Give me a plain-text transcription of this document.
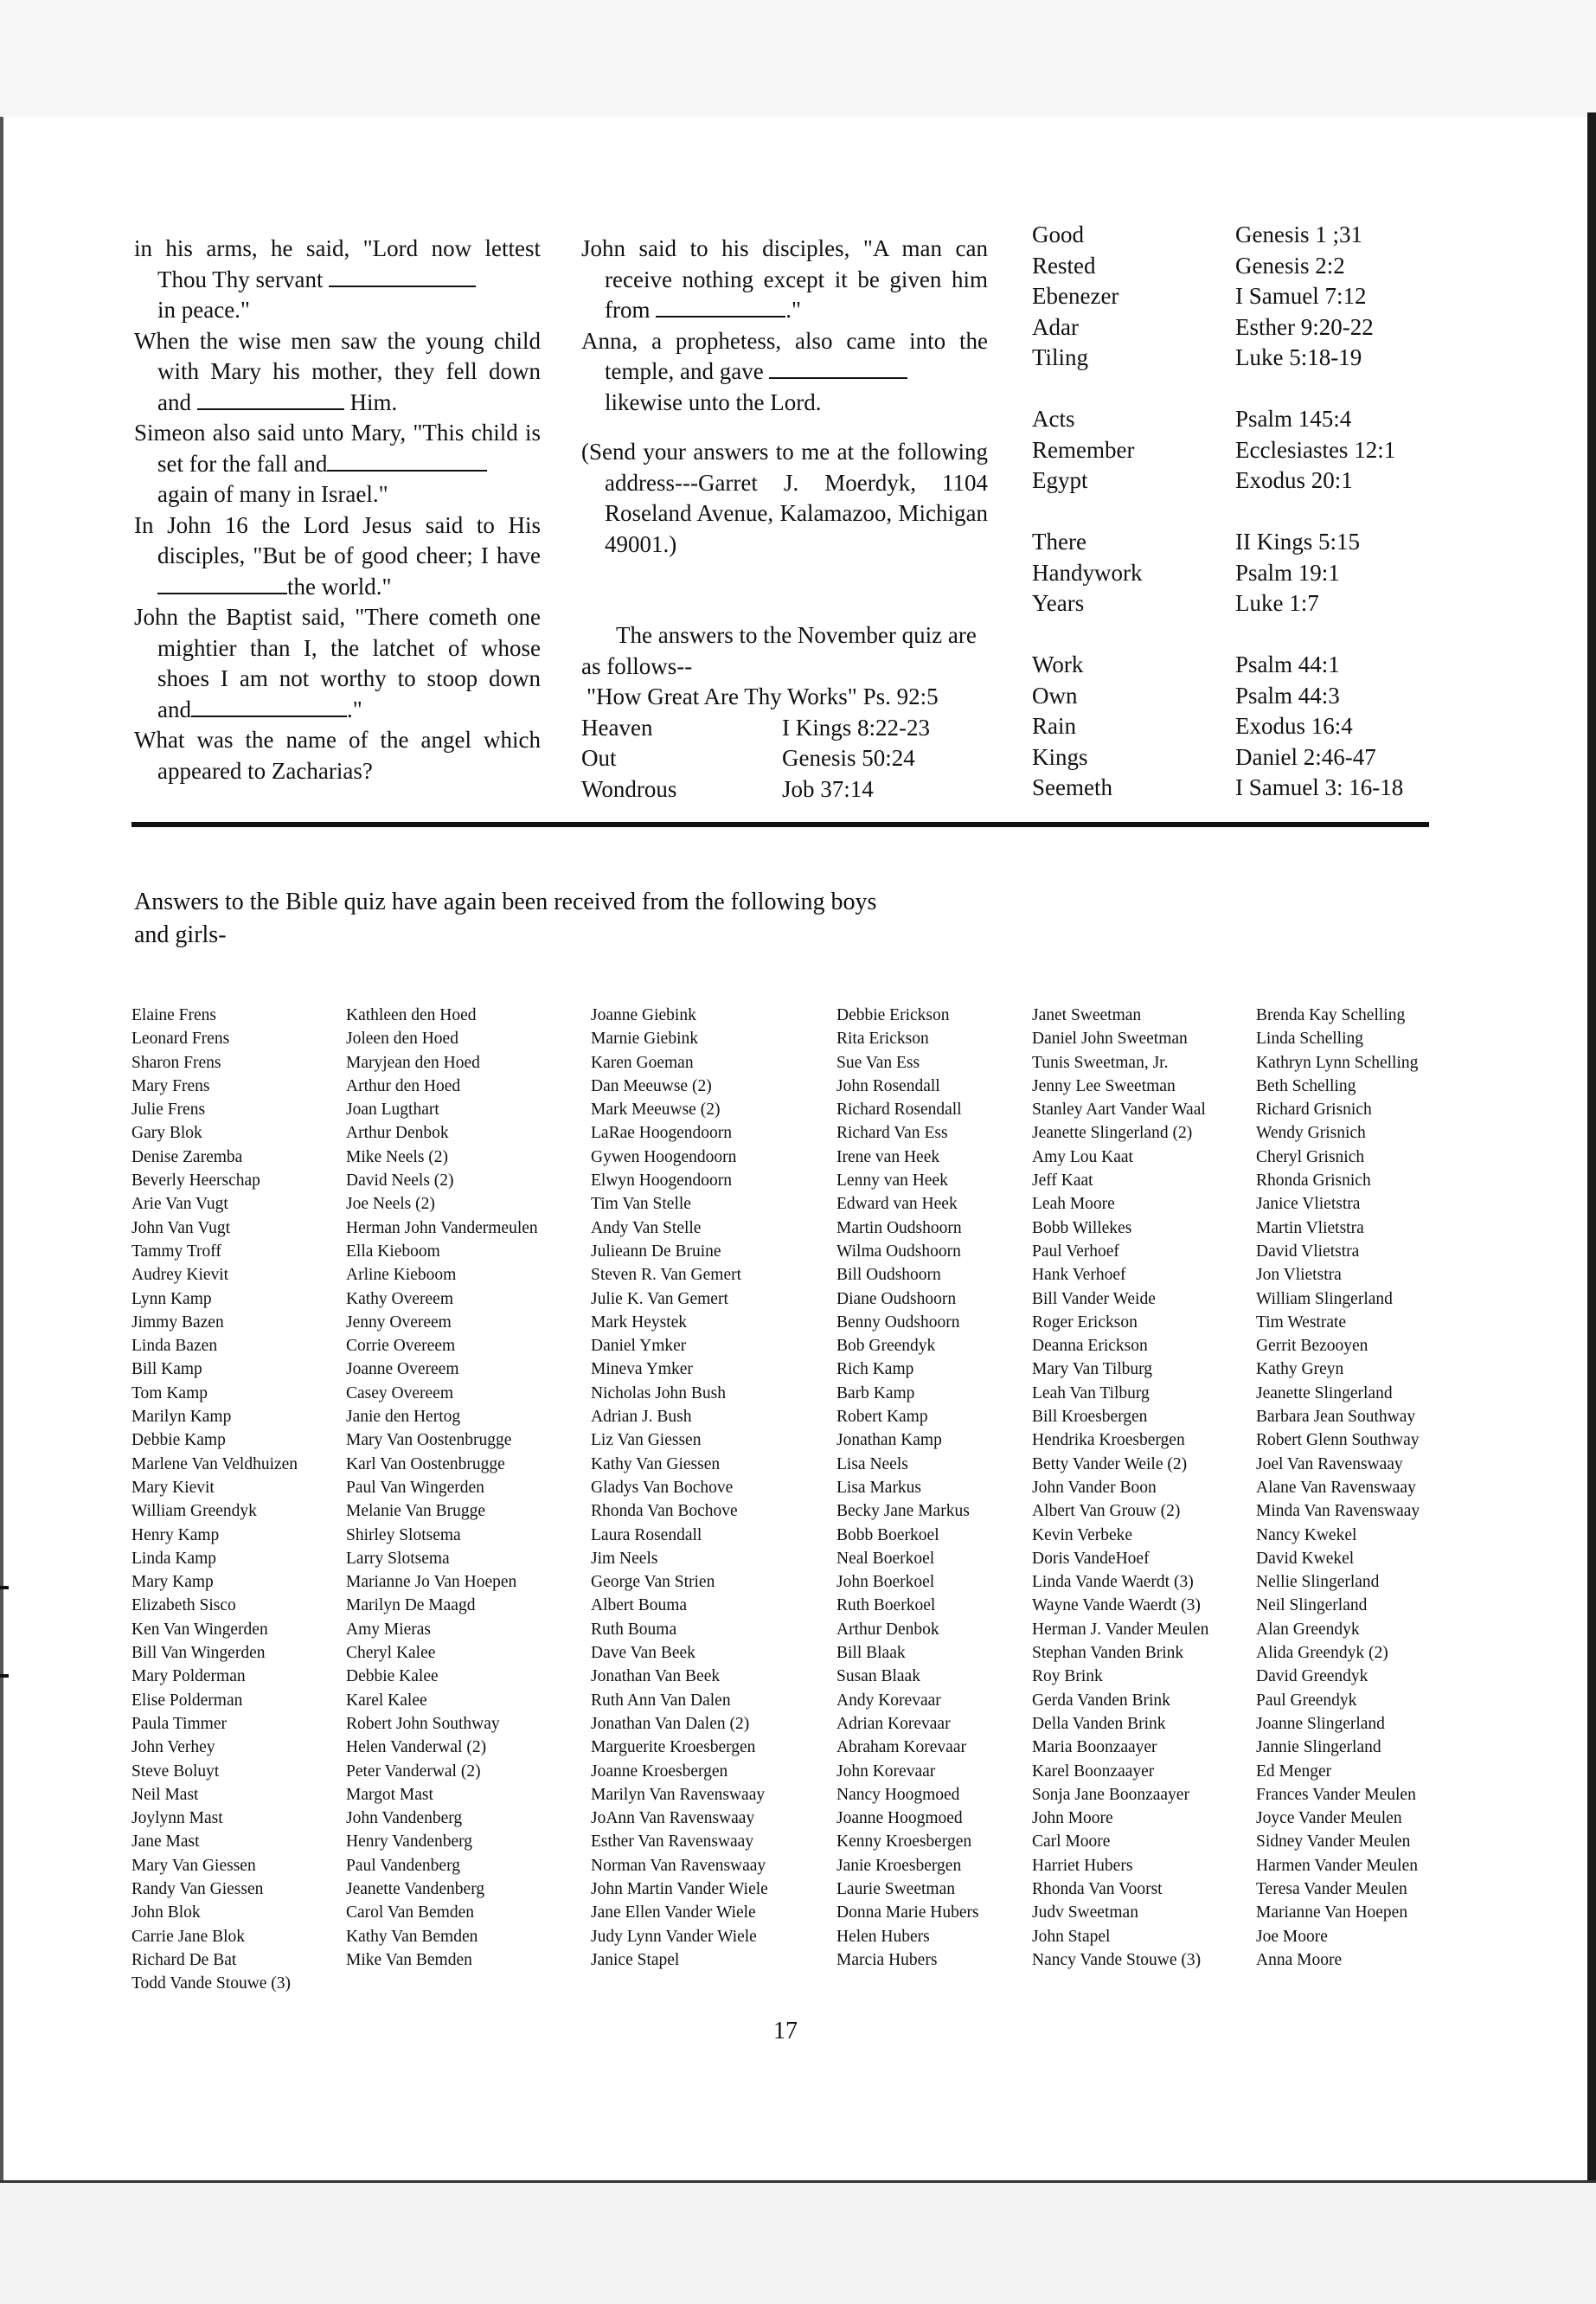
in his arms, he said, "Lord now lettest Thou Thy servant
in peace."

When the wise men saw the young child with Mary his mother, they fell down and	Him.

Simeon also said unto Mary, "This child is set for the fall and
again of many in Israel."

In John 16 the Lord Jesus said to His disciples, "But be of good cheer; I havethe world."

John the Baptist said, "There cometh one mightier than I, the latchet of whose shoes I am not worthy to stoop down and	."

What was the name of the angel which appeared to Zacharias?

John said to his disciples, "A man can receive nothing except it be given him from	."

Anna, a prophetess, also came into the temple, and gave
likewise unto the Lord.

(Send your answers to me at the following address---Garret J. Moerdyk, 1104 Roseland Avenue, Kalamazoo, Michigan 49001.)

The answers to the November quiz are as follows--

"How Great Are Thy Works" Ps. 92:5

Heaven	I Kings 8:22-23
Out	Genesis 50:24
Wondrous	Job 37:14
Good	Genesis 1 ;31
Rested	Genesis 2:2
Ebenezer	I Samuel 7:12
Adar	Esther 9:20-22
Tiling	Luke 5:18-19

Acts	Psalm 145:4
Remember	Ecclesiastes 12:1
Egypt	Exodus 20:1

There	II Kings 5:15
Handywork	Psalm 19:1
Years	Luke 1:7

Work	Psalm 44:1
Own	Psalm 44:3
Rain	Exodus 16:4
Kings	Daniel 2:46-47
Seemeth	I Samuel 3: 16-18
Answers to the Bible quiz have again been received from the following boys and girls-
Elaine Frens
Leonard Frens
Sharon Frens
Mary Frens
Julie Frens
Gary Blok
Denise Zaremba
Beverly Heerschap
Arie Van Vugt
John Van Vugt
Tammy Troff
Audrey Kievit
Lynn Kamp
Jimmy Bazen
Linda Bazen
Bill Kamp
Tom Kamp
Marilyn Kamp
Debbie Kamp
Marlene Van Veldhuizen
Mary Kievit
William Greendyk
Henry Kamp
Linda Kamp
Mary Kamp
Elizabeth Sisco
Ken Van Wingerden
Bill Van Wingerden
Mary Polderman
Elise Polderman
Paula Timmer
John Verhey
Steve Boluyt
Neil Mast
Joylynn Mast
Jane Mast
Mary Van Giessen
Randy Van Giessen
John Blok
Carrie Jane Blok
Richard De Bat
Todd Vande Stouwe (3)
Kathleen den Hoed
Joleen den Hoed
Maryjean den Hoed
Arthur den Hoed
Joan Lugthart
Arthur Denbok
Mike Neels (2)
David Neels (2)
Joe Neels (2)
Herman John Vandermeulen
Ella Kieboom
Arline Kieboom
Kathy Overeem
Jenny Overeem
Corrie Overeem
Joanne Overeem
Casey Overeem
Janie den Hertog
Mary Van Oostenbrugge
Karl Van Oostenbrugge
Paul Van Wingerden
Melanie Van Brugge
Shirley Slotsema
Larry Slotsema
Marianne Jo Van Hoepen
Marilyn De Maagd
Amy Mieras
Cheryl Kalee
Debbie Kalee
Karel Kalee
Robert John Southway
Helen Vanderwal (2)
Peter Vanderwal (2)
Margot Mast
John Vandenberg
Henry Vandenberg
Paul Vandenberg
Jeanette Vandenberg
Carol Van Bemden
Kathy Van Bemden
Mike Van Bemden
Joanne Giebink
Marnie Giebink
Karen Goeman
Dan Meeuwse (2)
Mark Meeuwse (2)
LaRae Hoogendoorn
Gywen Hoogendoorn
Elwyn Hoogendoorn
Tim Van Stelle
Andy Van Stelle
Julieann De Bruine
Steven R. Van Gemert
Julie K. Van Gemert
Mark Heystek
Daniel Ymker
Mineva Ymker
Nicholas John Bush
Adrian J. Bush
Liz Van Giessen
Kathy Van Giessen
Gladys Van Bochove
Rhonda Van Bochove
Laura Rosendall
Jim Neels
George Van Strien
Albert Bouma
Ruth Bouma
Dave Van Beek
Jonathan Van Beek
Ruth Ann Van Dalen
Jonathan Van Dalen (2)
Marguerite Kroesbergen
Joanne Kroesbergen
Marilyn Van Ravenswaay
JoAnn Van Ravenswaay
Esther Van Ravenswaay
Norman Van Ravenswaay
John Martin Vander Wiele
Jane Ellen Vander Wiele
Judy Lynn Vander Wiele
Janice Stapel
Debbie Erickson
Rita Erickson
Sue Van Ess
John Rosendall
Richard Rosendall
Richard Van Ess
Irene van Heek
Lenny van Heek
Edward van Heek
Martin Oudshoorn
Wilma Oudshoorn
Bill Oudshoorn
Diane Oudshoorn
Benny Oudshoorn
Bob Greendyk
Rich Kamp
Barb Kamp
Robert Kamp
Jonathan Kamp
Lisa Neels
Lisa Markus
Becky Jane Markus
Bobb Boerkoel
Neal Boerkoel
John Boerkoel
Ruth Boerkoel
Arthur Denbok
Bill Blaak
Susan Blaak
Andy Korevaar
Adrian Korevaar
Abraham Korevaar
John Korevaar
Nancy Hoogmoed
Joanne Hoogmoed
Kenny Kroesbergen
Janie Kroesbergen
Laurie Sweetman
Donna Marie Hubers
Helen Hubers
Marcia Hubers
Janet Sweetman
Daniel John Sweetman
Tunis Sweetman, Jr.
Jenny Lee Sweetman
Stanley Aart Vander Waal
Jeanette Slingerland (2)
Amy Lou Kaat
Jeff Kaat
Leah Moore
Bobb Willekes
Paul Verhoef
Hank Verhoef
Bill Vander Weide
Roger Erickson
Deanna Erickson
Mary Van Tilburg
Leah Van Tilburg
Bill Kroesbergen
Hendrika Kroesbergen
Betty Vander Weile (2)
John Vander Boon
Albert Van Grouw (2)
Kevin Verbeke
Doris VandeHoef
Linda Vande Waerdt (3)
Wayne Vande Waerdt (3)
Herman J. Vander Meulen
Stephan Vanden Brink
Roy Brink
Gerda Vanden Brink
Della Vanden Brink
Maria Boonzaayer
Karel Boonzaayer
Sonja Jane Boonzaayer
John Moore
Carl Moore
Harriet Hubers
Rhonda Van Voorst
Judv Sweetman
John Stapel
Nancy Vande Stouwe (3)
Brenda Kay Schelling
Linda Schelling
Kathryn Lynn Schelling
Beth Schelling
Richard Grisnich
Wendy Grisnich
Cheryl Grisnich
Rhonda Grisnich
Janice Vlietstra
Martin Vlietstra
David Vlietstra
Jon Vlietstra
William Slingerland
Tim Westrate
Gerrit Bezooyen
Kathy Greyn
Jeanette Slingerland
Barbara Jean Southway
Robert Glenn Southway
Joel Van Ravenswaay
Alane Van Ravenswaay
Minda Van Ravenswaay
Nancy Kwekel
David Kwekel
Nellie Slingerland
Neil Slingerland
Alan Greendyk
Alida Greendyk (2)
David Greendyk
Paul Greendyk
Joanne Slingerland
Jannie Slingerland
Ed Menger
Frances Vander Meulen
Joyce Vander Meulen
Sidney Vander Meulen
Harmen Vander Meulen
Teresa Vander Meulen
Marianne Van Hoepen
Joe Moore
Anna Moore
17
